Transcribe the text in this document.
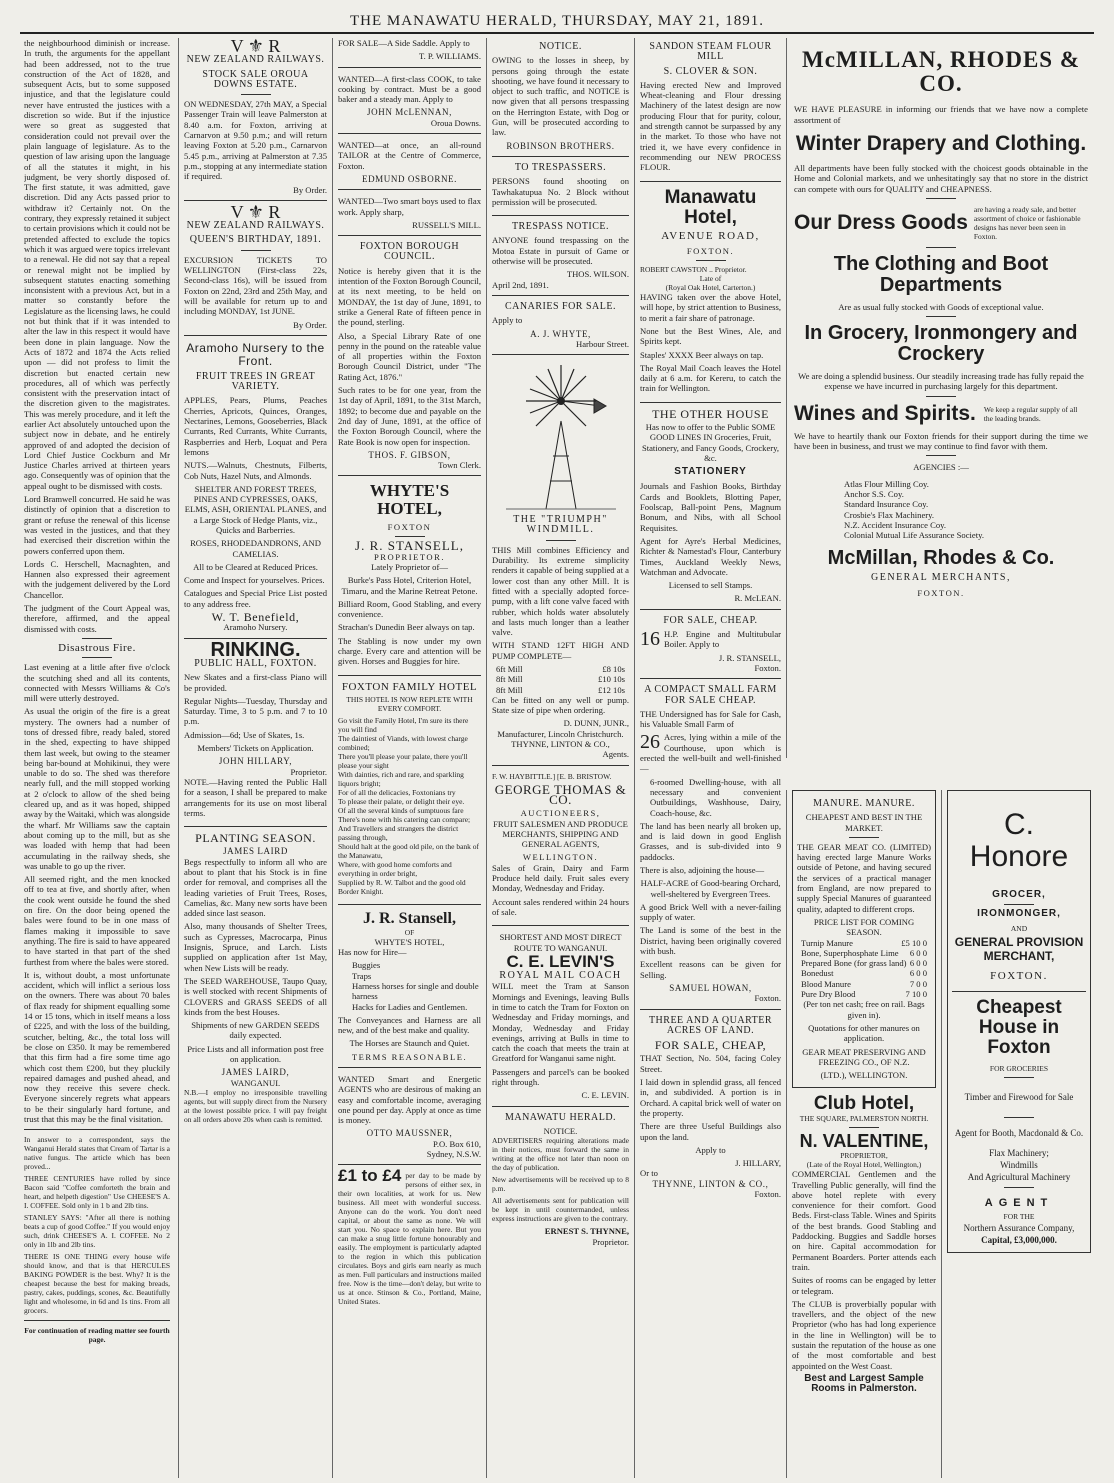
THE MANAWATU HERALD, THURSDAY, MAY 21, 1891.

the neighbourhood diminish or increase. In truth, the arguments for the appellant had been addressed, not to the true construction of the Act of 1828, and subsequent Acts, but to some supposed injustice, and that the legislature could never have entrusted the justices with a discretion so wide. But if the injustice were so great as suggested that consideration could not prevail over the plain language of legislature. As to the question of law arising upon the language of all the statutes it might, in his judgment, be very shortly disposed of. The first statute, it was admitted, gave discretion. Did any Acts passed prior to withdraw it? Certainly not. On the contrary, they expressly retained it subject to certain provisions which it could not be pretended affected to exclude the topics which it was argued were topics irrelevant to a renewal. He did not say that a repeal or renewal might not be implied by subsequent statutes enacting something inconsistent with a previous Act, but in a matter so constantly before the Legislature as the licensing laws, he could not but think that if it was intended to alter the law in this respect it would have been done in plain language. Now the Acts of 1872 and 1874 the Acts relied upon — did not profess to limit the discretion but enacted certain new procedures, all of which was perfectly consistent with the preservation intact of the discretion given to the magistrates. This was merely procedure, and it left the earlier Act absolutely untouched upon the subject now in debate, and he entirely approved of and adopted the decision of Lord Chief Justice Cockburn and Mr Justice Charles arrived at thirteen years ago. Consequently was of opinion that the appeal ought to be dismissed with costs.

Lord Bramwell concurred. He said he was distinctly of opinion that a discretion to grant or refuse the renewal of this license was vested in the justices, and that they had exercised their discretion within the powers conferred upon them.

Lords C. Herschell, Macnaghten, and Hannen also expressed their agreement with the judgement delivered by the Lord Chancellor.

The judgment of the Court Appeal was, therefore, affirmed, and the appeal dismissed with costs.

Disastrous Fire.

Last evening at a little after five o'clock the scutching shed and all its contents, connected with Messrs Williams & Co's mill were utterly destroyed.

As usual the origin of the fire is a great mystery. The owners had a number of tons of dressed fibre, ready baled, stored in the shed, expecting to have shipped them last week, but owing to the steamer being bar-bound at Mohikinui, they were unable to do so. The shed was therefore nearly full, and the mill stopped working at 2 o'clock to allow of the shed being cleared up, and as it was hoped, shipped away by the Waitaki, which was alongside the wharf. Mr Williams saw the captain about coming up to the mill, but as she was loaded with hemp that had been accumulating in the railway sheds, she was unable to go up the river.

All seemed right, and the men knocked off to tea at five, and shortly after, when the cook went outside he found the shed on fire. On the door being opened the bales were found to be in one mass of flames making it impossible to save anything. The fire is said to have appeared to have started in that part of the shed furthest from where the bales were stored.

It is, without doubt, a most unfortunate accident, which will inflict a serious loss on the owners. There was about 70 bales of flax ready for shipment equalling some 14 or 15 tons, which in itself means a loss of £225, and with the loss of the building, scutcher, belting, &c., the total loss will be close on £350. It may be remembered that this firm had a fire some time ago which cost them £200, but they pluckily repaired damages and pushed ahead, and now they receive this severe check. Everyone sincerely regrets what appears to be their singularly hard fortune, and trust that this may be the final visitation.

In answer to a correspondent, says the Wanganui Herald states that Cream of Tartar is a native fungus. The article which has been proved...

THREE CENTURIES have rolled by since Bacon said "Coffee comforteth the brain and heart, and helpeth digestion" Use CHEESE'S A. I. COFFEE. Sold only in 1 b and 2lb tins.

STANLEY SAYS: "After all there is nothing beats a cup of good Coffee." If you would enjoy such, drink CHEESE'S A. I. COFFEE. No 2 only in 1lb and 2lb tins.

THERE IS ONE THING every house wife should know, and that is that HERCULES BAKING POWDER is the best. Why? It is the cheapest because the best for making breads, pastry, cakes, puddings, scones, &c. Beautifully light and wholesome, in 6d and 1s tins. From all grocers.

For continuation of reading matter see fourth page.
V ⚜ R
NEW ZEALAND RAILWAYS.
STOCK SALE OROUA DOWNS ESTATE.

ON WEDNESDAY, 27th MAY, a Special Passenger Train will leave Palmerston at 8.40 a.m. for Foxton, arriving at Carnarvon at 9.50 p.m.; and will return leaving Foxton at 5.20 p.m., Carnarvon 5.45 p.m., arriving at Palmerston at 7.35 p.m., stopping at any intermediate station if required.

By Order.
V ⚜ R
NEW ZEALAND RAILWAYS.
QUEEN'S BIRTHDAY, 1891.

EXCURSION TICKETS TO WELLINGTON (First-class 22s, Second-class 16s), will be issued from Foxton on 22nd, 23rd and 25th May, and will be available for return up to and including MONDAY, 1st JUNE.

By Order.
Aramoho Nursery to the Front.
FRUIT TREES IN GREAT VARIETY.

APPLES, Pears, Plums, Peaches Cherries, Apricots, Quinces, Oranges, Nectarines, Lemons, Gooseberries, Black Currants, Red Currants, White Currants, Raspberries and Herb, Loquat and Pera lemons

NUTS.—Walnuts, Chestnuts, Filberts, Cob Nuts, Hazel Nuts, and Almonds.

SHELTER AND FOREST TREES, PINES AND CYPRESSES, OAKS, ELMS, ASH, ORIENTAL PLANES, and a Large Stock of Hedge Plants, viz., Quicks and Barberries.

ROSES, RHODEDANDRONS, AND CAMELIAS.

All to be Cleared at Reduced Prices.

Come and Inspect for yourselves. Prices.

Catalogues and Special Price List posted to any address free.

W. T. Benefield,
Aramoho Nursery.
RINKING.
PUBLIC HALL, FOXTON.

New Skates and a first-class Piano will be provided.

Regular Nights—Tuesday, Thursday and Saturday. Time, 3 to 5 p.m. and 7 to 10 p.m.

Admission—6d; Use of Skates, 1s.

Members' Tickets on Application.

JOHN HILLARY,
Proprietor.

NOTE.—Having rented the Public Hall for a season, I shall be prepared to make arrangements for its use on most liberal terms.

PLANTING SEASON.
JAMES LAIRD

Begs respectfully to inform all who are about to plant that his Stock is in fine order for removal, and comprises all the leading varieties of Fruit Trees, Roses, Camelias, &c. Many new sorts have been added since last season.

Also, many thousands of Shelter Trees, such as Cypresses, Macrocarpa, Pinus Insignis, Spruce, and Larch. Lists supplied on application after 1st May, when New Lists will be ready.

The SEED WAREHOUSE, Taupo Quay, is well stocked with recent Shipments of CLOVERS and GRASS SEEDS of all kinds from the best Houses.

Shipments of new GARDEN SEEDS daily expected.

Price Lists and all information post free on application.

JAMES LAIRD,
WANGANUI.

N.B.—I employ no irresponsible travelling agents, but will supply direct from the Nursery at the lowest possible price. I will pay freight on all orders above 20s when cash is remitted.

FOR SALE—A Side Saddle. Apply to

T. P. WILLIAMS.

WANTED—A first-class COOK, to take cooking by contract. Must be a good baker and a steady man. Apply to

JOHN McLENNAN,
Oroua Downs.

WANTED—at once, an all-round TAILOR at the Centre of Commerce, Foxton.

EDMUND OSBORNE.

WANTED—Two smart boys used to flax work. Apply sharp,

RUSSELL'S MILL.
FOXTON BOROUGH COUNCIL.

Notice is hereby given that it is the intention of the Foxton Borough Council, at its next meeting, to be held on MONDAY, the 1st day of June, 1891, to strike a General Rate of fifteen pence in the pound, sterling.

Also, a Special Library Rate of one penny in the pound on the rateable value of all properties within the Foxton Borough Council District, under "The Rating Act, 1876."

Such rates to be for one year, from the 1st day of April, 1891, to the 31st March, 1892; to become due and payable on the 2nd day of June, 1891, at the office of the Foxton Borough Council, where the Rate Book is now open for inspection.

THOS. F. GIBSON,
Town Clerk.
WHYTE'S HOTEL,
FOXTON
J. R. STANSELL,
PROPRIETOR.

Lately Proprietor of—

Burke's Pass Hotel, Criterion Hotel, Timaru, and the Marine Retreat Petone.

Billiard Room, Good Stabling, and every convenience.

Strachan's Dunedin Beer always on tap.

The Stabling is now under my own charge. Every care and attention will be given. Horses and Buggies for hire.

FOXTON FAMILY HOTEL

THIS HOTEL IS NOW REPLETE WITH EVERY COMFORT.

Go visit the Family Hotel, I'm sure its there you will find
The daintiest of Viands, with lowest charge combined;
There you'll please your palate, there you'll please your sight
With dainties, rich and rare, and sparkling liquors bright;
For of all the delicacies, Foxtonians try
To please their palate, or delight their eye.
Of all the several kinds of sumptuous fare
There's none with his catering can compare;
And Travellers and strangers the district passing through,
Should halt at the good old pile, on the bank of the Manawatu,
Where, with good home comforts and everything in order bright,
Supplied by R. W. Talbot and the good old Border Knight.

J. R. Stansell,
OF
WHYTE'S HOTEL,

Has now for Hire—

Buggies
Traps
Harness horses for single and double harness
Hacks for Ladies and Gentlemen.

The Conveyances and Harness are all new, and of the best make and quality.

The Horses are Staunch and Quiet.

TERMS REASONABLE.

WANTED Smart and Energetic AGENTS who are desirous of making an easy and comfortable income, averaging one pound per day. Apply at once as time is money.

OTTO MAUSSNER,
P.O. Box 610,
Sydney, N.S.W.
£1 to £4 per day to be made by persons of either sex, in their own localities, at work for us. New business. All meet with wonderful success. Anyone can do the work. You don't need capital, or about the same as none. We will start you. No space to explain here. But you can make a snug little fortune honourably and easily. The employment is particularly adapted to the region in which this publication circulates. Boys and girls earn nearly as much as men. Full particulars and instructions mailed free. Now is the time—don't delay, but write to us at once. Stinson & Co., Portland, Maine, United States.

NOTICE.

OWING to the losses in sheep, by persons going through the estate shooting, we have found it necessary to object to such traffic, and NOTICE is now given that all persons trespassing on the Herrington Estate, with Dog or Gun, will be prosecuted according to law.

ROBINSON BROTHERS.
TO TRESPASSERS.

PERSONS found shooting on Tawhakatupua No. 2 Block without permission will be prosecuted.

TRESPASS NOTICE.

ANYONE found trespassing on the Motoa Estate in pursuit of Game or otherwise will be prosecuted.

THOS. WILSON.
April 2nd, 1891.
CANARIES FOR SALE.

Apply to

A. J. WHYTE,
Harbour Street.
THE "TRIUMPH"
WINDMILL.

THIS Mill combines Efficiency and Durability. Its extreme simplicity renders it capable of being supplied at a lower cost than any other Mill. It is fitted with a specially adopted force-pump, with a lift cone valve faced with rubber, which holds water absolutely and lasts much longer than a leather valve.

WITH STAND 12FT HIGH AND PUMP COMPLETE—

6ft Mill	£8 10s
8ft Mill	£10 10s
8ft Mill	£12 10s

Can be fitted on any well or pump. State size of pipe when ordering.

D. DUNN, JUNR.,
Manufacturer, Lincoln Christchurch.
THYNNE, LINTON & CO.,
Agents.
F. W. HAYBITTLE.] [E. B. BRISTOW.
GEORGE THOMAS & CO.
AUCTIONEERS,

FRUIT SALESMEN AND PRODUCE MERCHANTS, SHIPPING AND GENERAL AGENTS,

WELLINGTON.

Sales of Grain, Dairy and Farm Produce held daily. Fruit sales every Monday, Wednesday and Friday.

Account sales rendered within 24 hours of sale.

SHORTEST AND MOST DIRECT ROUTE TO WANGANUI.
C. E. LEVIN'S
ROYAL MAIL COACH

WILL meet the Tram at Sanson Mornings and Evenings, leaving Bulls in time to catch the Tram for Foxton on Wednesday and Friday mornings, and Monday, Wednesday and Friday evenings, arriving at Bulls in time to catch the coach that meets the train at Greatford for Wanganui same night.

Passengers and parcel's can be booked right through.

C. E. LEVIN.
MANAWATU HERALD.
NOTICE.

ADVERTISERS requiring alterations made in their notices, must forward the same in writing at the office not later than noon on the day of publication.

New advertisements will be received up to 8 p.m.

All advertisements sent for publication will be kept in until countermanded, unless express instructions are given to the contrary.

ERNEST S. THYNNE,
Proprietor.
SANDON STEAM FLOUR MILL
S. CLOVER & SON.

Having erected New and Improved Wheat-cleaning and Flour dressing Machinery of the latest design are now producing Flour that for purity, colour, and strength cannot be surpassed by any in the market. To those who have not tried it, we have every confidence in recommending our NEW PROCESS FLOUR.

Manawatu Hotel,
AVENUE ROAD,
FOXTON.
ROBERT CAWSTON .. Proprietor.
Late of
(Royal Oak Hotel, Carterton.)

HAVING taken over the above Hotel, will hope, by strict attention to Business, to merit a fair share of patronage.

None but the Best Wines, Ale, and Spirits kept.

Staples' XXXX Beer always on tap.

The Royal Mail Coach leaves the Hotel daily at 6 a.m. for Kereru, to catch the train for Wellington.

THE OTHER HOUSE

Has now to offer to the Public SOME GOOD LINES IN Groceries, Fruit, Stationery, and Fancy Goods, Crockery, &c.

STATIONERY

Journals and Fashion Books, Birthday Cards and Booklets, Blotting Paper, Foolscap, Ball-point Pens, Magnum Bonum, and Nibs, with all School Requisites.

Agent for Ayre's Herbal Medicines, Richter & Namestad's Flour, Canterbury Times, Auckland Weekly News, Watchman and Advocate.

Licensed to sell Stamps.

R. McLEAN.
FOR SALE, CHEAP.
16 H.P. Engine and Multitubular Boiler. Apply to

J. R. STANSELL,
Foxton.
A COMPACT SMALL FARM FOR SALE CHEAP.

THE Undersigned has for Sale for Cash, his Valuable Small Farm of

26 Acres, lying within a mile of the Courthouse, upon which is erected the well-built and well-finished—

6-roomed Dwelling-house, with all necessary and convenient Outbuildings, Washhouse, Dairy, Coach-house, &c.

The land has been nearly all broken up, and is laid down in good English Grasses, and is sub-divided into 9 paddocks.

There is also, adjoining the house—

HALF-ACRE of Good-bearing Orchard, well-sheltered by Evergreen Trees.

A good Brick Well with a never-failing supply of water.

The Land is some of the best in the District, having been originally covered with bush.

Excellent reasons can be given for Selling.

SAMUEL HOWAN,
Foxton.
THREE AND A QUARTER ACRES OF LAND.
FOR SALE, CHEAP,

THAT Section, No. 504, facing Coley Street.

I laid down in splendid grass, all fenced in, and subdivided. A portion is in Orchard. A capital brick well of water on the property.

There are three Useful Buildings also upon the land.

Apply to

J. HILLARY,
Or to
THYNNE, LINTON & CO.,
Foxton.
McMILLAN, RHODES & CO.

WE HAVE PLEASURE in informing our friends that we have now a complete assortment of

Winter Drapery and Clothing.

All departments have been fully stocked with the choicest goods obtainable in the Home and Colonial markets, and we unhesitatingly say that no store in the district can compete with ours for QUALITY and CHEAPNESS.

Our Dress Goods
are having a ready sale, and better assortment of choice or fashionable designs has never been seen in Foxton.
The Clothing and Boot Departments

Are as usual fully stocked with Goods of exceptional value.

In Grocery, Ironmongery and Crockery

We are doing a splendid business. Our steadily increasing trade has fully repaid the expense we have incurred in purchasing largely for this department.

Wines and Spirits. We keep a regular supply of all the leading brands.

We have to heartily thank our Foxton friends for their support during the time we have been in business, and trust we may continue to find favor with them.

AGENCIES :—
Atlas Flour Milling Coy.
Anchor S.S. Coy.
Standard Insurance Coy.
Crosbie's Flax Machinery.
N.Z. Accident Insurance Coy.
Colonial Mutual Life Assurance Society.
McMillan, Rhodes & Co.
GENERAL MERCHANTS,
FOXTON.
MANURE. MANURE.
CHEAPEST AND BEST IN THE MARKET.

THE GEAR MEAT CO. (LIMITED) having erected large Manure Works outside of Petone, and having secured the services of a practical manager from England, are now prepared to supply Special Manures of guaranteed quality, adapted to different crops.

PRICE LIST FOR COMING SEASON.
Turnip Manure	£5 10 0
Bone, Superphosphate Lime 6 0 0
Prepared Bone (for grass land) 6 0 0
Bonedust	6 0 0
Blood Manure	7 0 0
Pure Dry Blood	7 10 0

(Per ton net cash; free on rail. Bags given in).

Quotations for other manures on application.

GEAR MEAT PRESERVING AND FREEZING CO., OF N.Z.

(LTD.), WELLINGTON.

Club Hotel,
THE SQUARE, PALMERSTON NORTH.
N. VALENTINE,
PROPRIETOR,
(Late of the Royal Hotel, Wellington,)

COMMERCIAL Gentlemen and the Travelling Public generally, will find the above hotel replete with every convenience for their comfort. Good Beds. First-class Table. Wines and Spirits of the best brands. Good Stabling and Paddocking. Buggies and Saddle horses on hire. Capital accommodation for Permanent Boarders. Porter attends each train.

Suites of rooms can be engaged by letter or telegram.

The CLUB is proverbially popular with travellers, and the object of the new Proprietor (who has had long experience in the line in Wellington) will be to sustain the reputation of the house as one of the most comfortable and best appointed on the West Coast.

Best and Largest Sample Rooms in Palmerston.
C. Honore
GROCER,
IRONMONGER,
AND
GENERAL PROVISION
MERCHANT,
FOXTON.
Cheapest House in Foxton
FOR GROCERIES
Timber and Firewood for Sale
Agent for Booth, Macdonald & Co.
Flax Machinery;
Windmills
And Agricultural Machinery
AGENT
FOR THE
Northern Assurance Company,
Capital, £3,000,000.
